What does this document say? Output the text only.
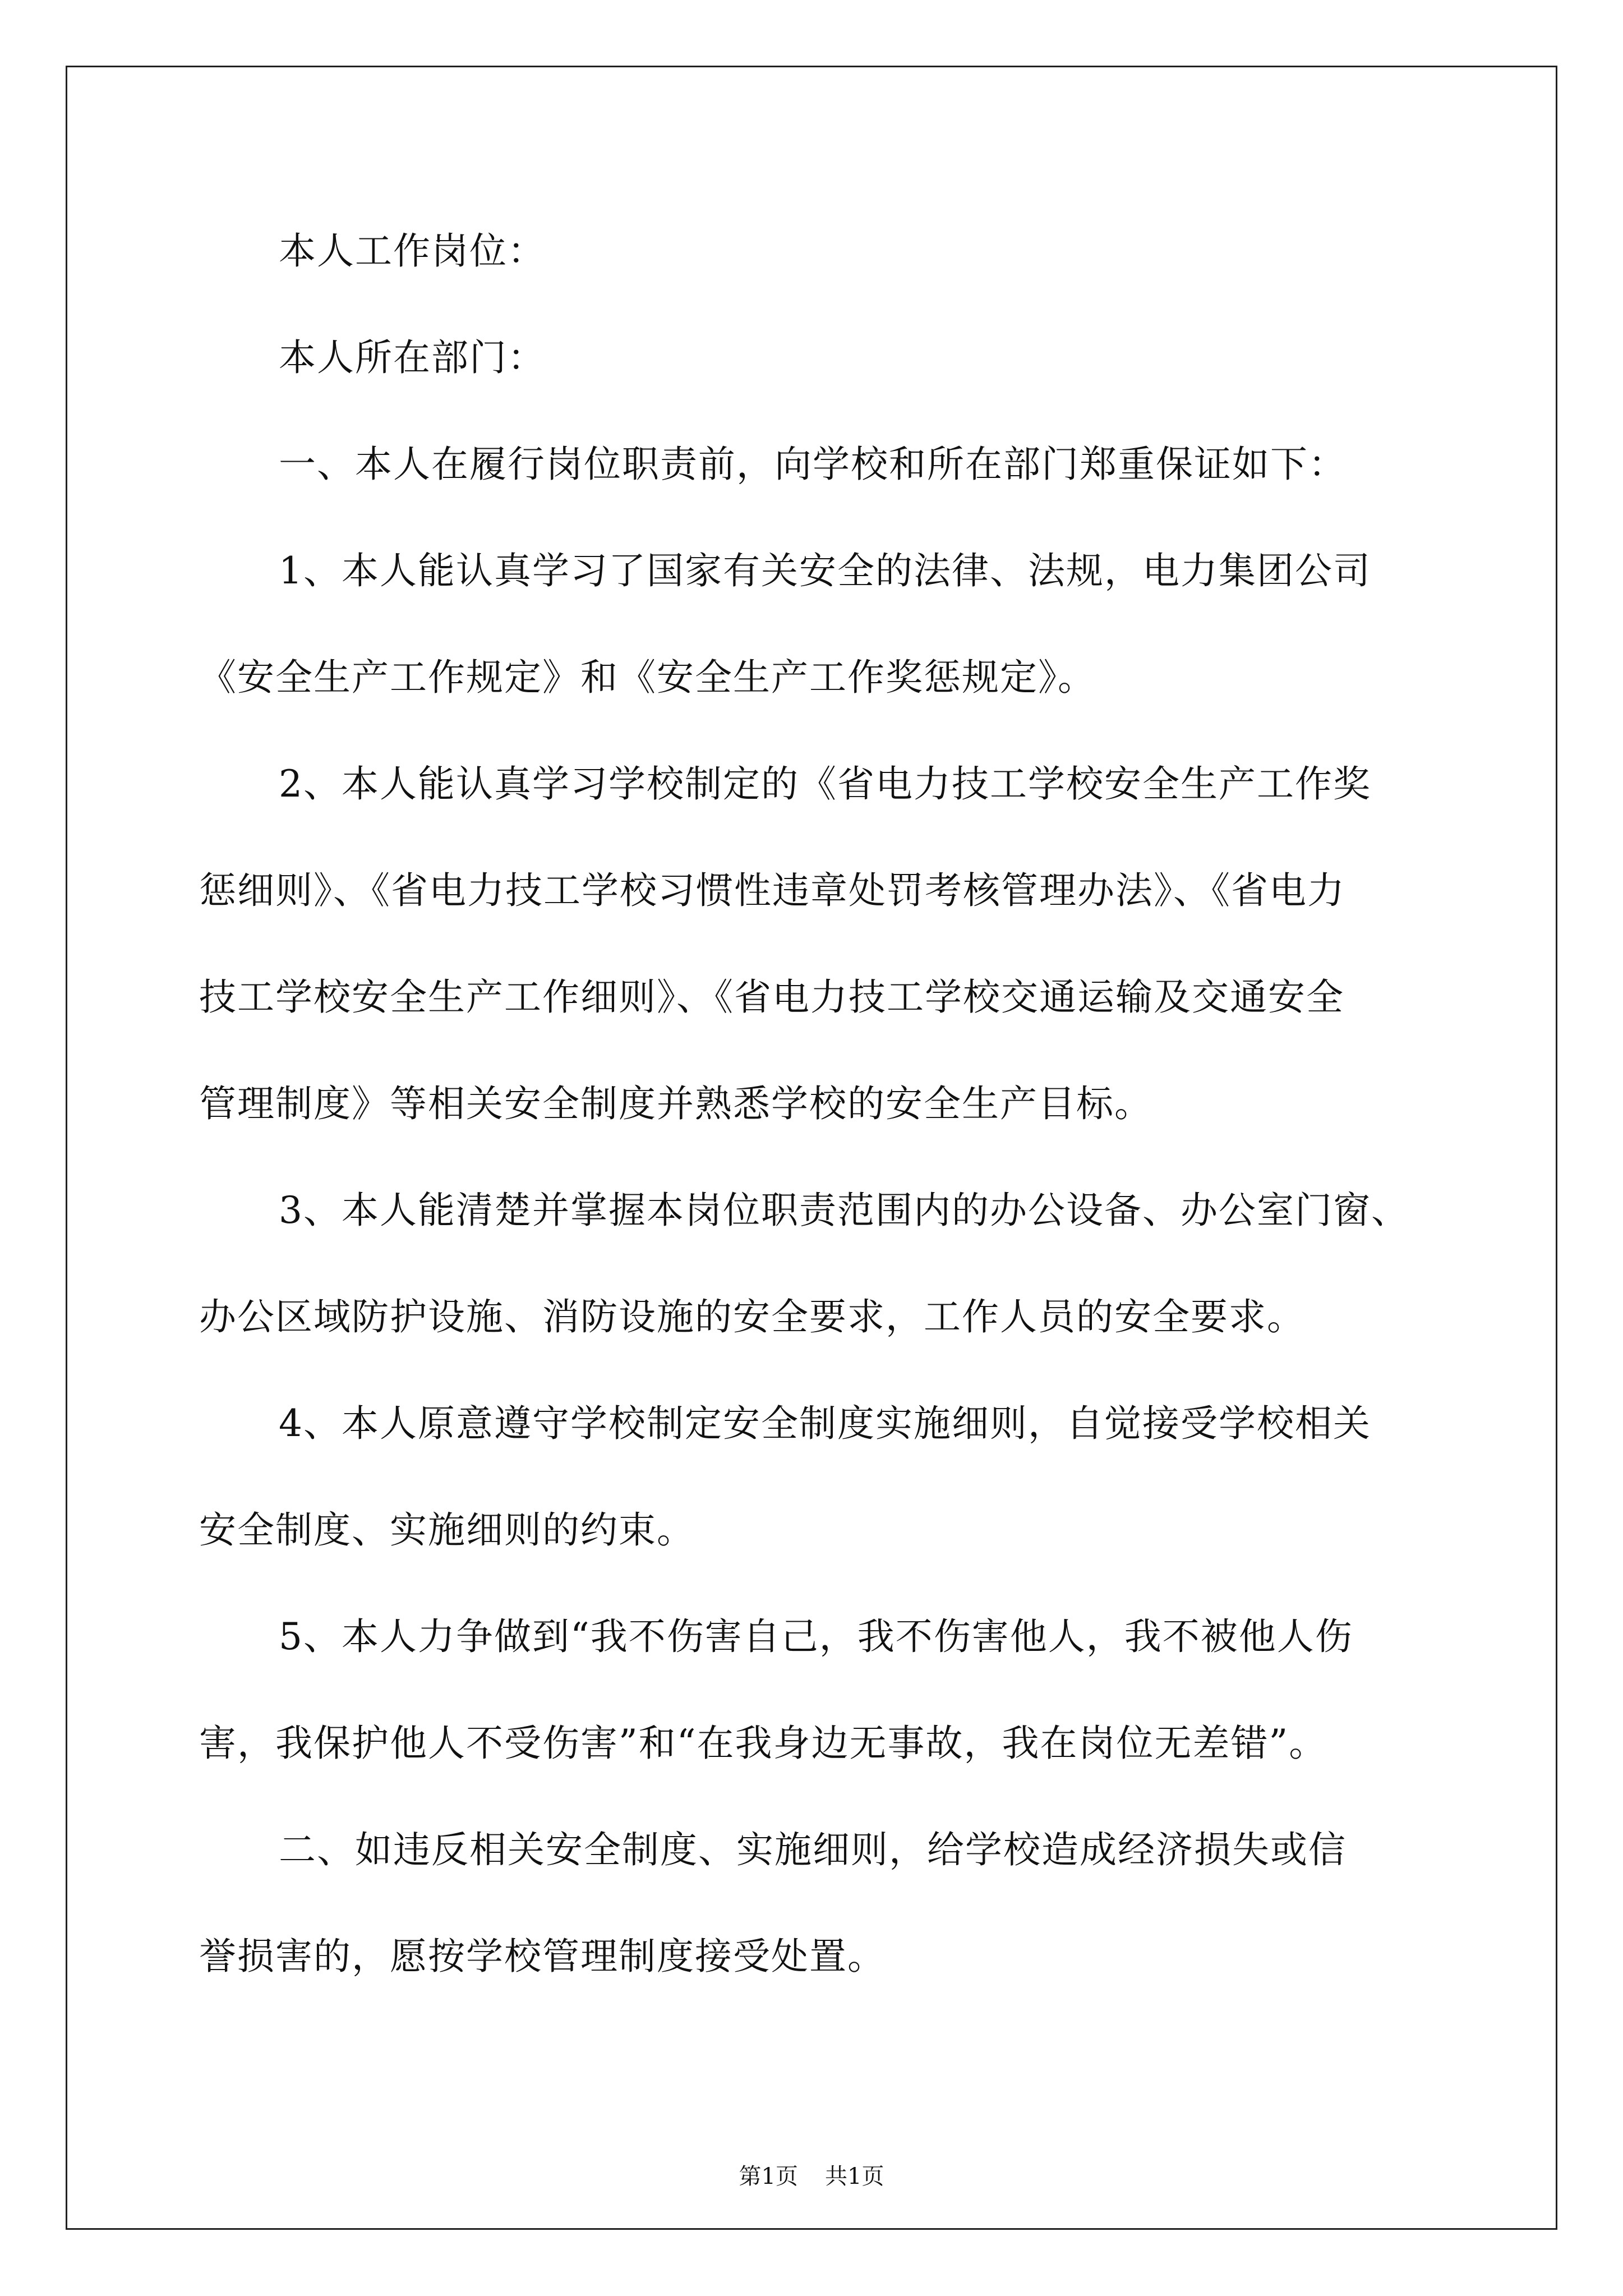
本人工作岗位：
本人所在部门：
一、本人在履行岗位职责前，向学校和所在部门郑重保证如下：
1、本人能认真学习了国家有关安全的法律、法规，电力集团公司
《安全生产工作规定》和《安全生产工作奖惩规定》。
2、本人能认真学习学校制定的《省电力技工学校安全生产工作奖
惩细则》、《省电力技工学校习惯性违章处罚考核管理办法》、《省电力
技工学校安全生产工作细则》、《省电力技工学校交通运输及交通安全
管理制度》等相关安全制度并熟悉学校的安全生产目标。
3、本人能清楚并掌握本岗位职责范围内的办公设备、办公室门窗、
办公区域防护设施、消防设施的安全要求，工作人员的安全要求。
4、本人原意遵守学校制定安全制度实施细则，自觉接受学校相关
安全制度、实施细则的约束。
5、本人力争做到“我不伤害自己，我不伤害他人，我不被他人伤
害，我保护他人不受伤害”和“在我身边无事故，我在岗位无差错”。
二、如违反相关安全制度、实施细则，给学校造成经济损失或信
誉损害的，愿按学校管理制度接受处置。
第1页 共1页
